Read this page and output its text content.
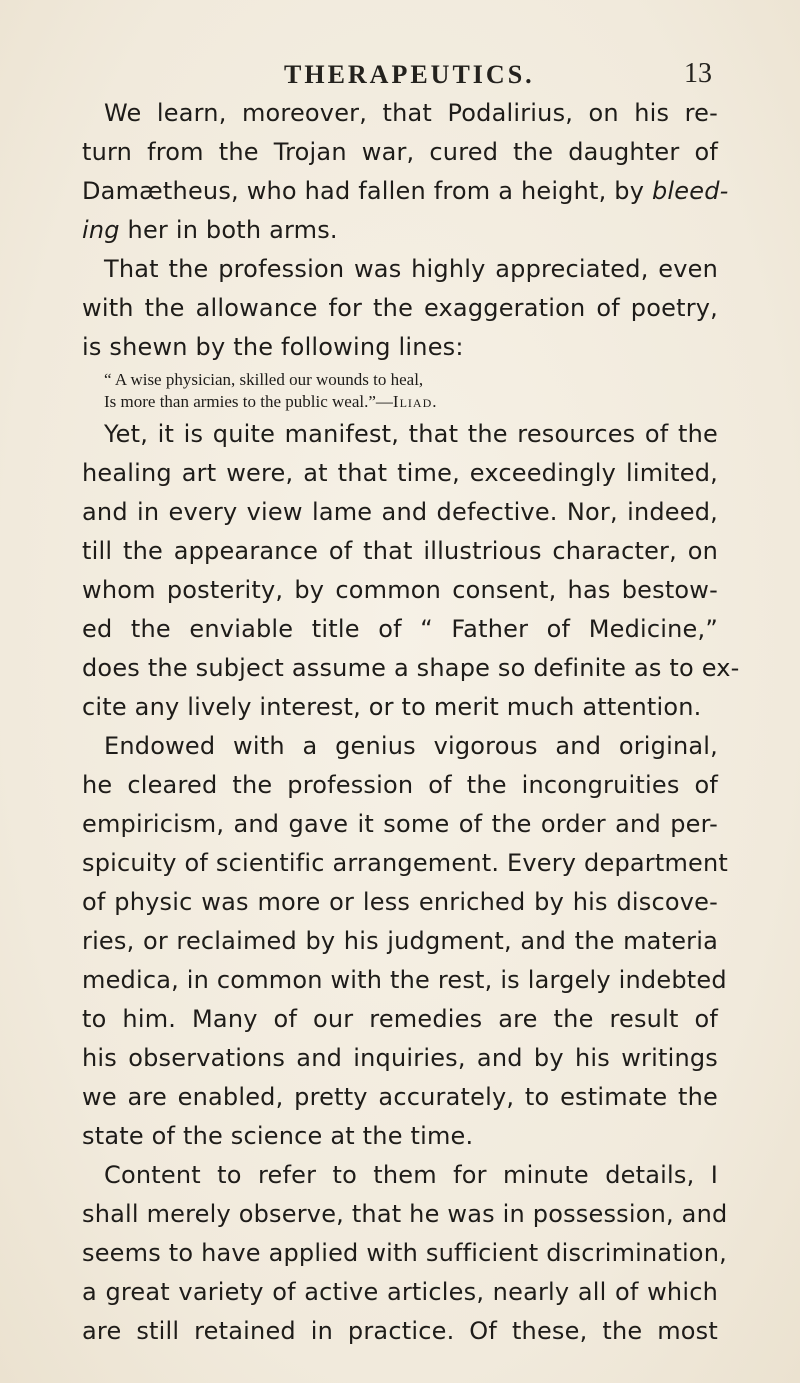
THERAPEUTICS.	13
We learn, moreover, that Podalirius, on his re-
turn from the Trojan war, cured the daughter of
Damætheus, who had fallen from a height, by bleed-
ing her in both arms.
That the profession was highly appreciated, even
with the allowance for the exaggeration of poetry,
is shewn by the following lines:
“ A wise physician, skilled our wounds to heal,
Is more than armies to the public weal.”—Iliad.
Yet, it is quite manifest, that the resources of the
healing art were, at that time, exceedingly limited,
and in every view lame and defective. Nor, indeed,
till the appearance of that illustrious character, on
whom posterity, by common consent, has bestow-
ed the enviable title of “ Father of Medicine,”
does the subject assume a shape so definite as to ex-
cite any lively interest, or to merit much attention.
Endowed with a genius vigorous and original,
he cleared the profession of the incongruities of
empiricism, and gave it some of the order and per-
spicuity of scientific arrangement. Every department
of physic was more or less enriched by his discove-
ries, or reclaimed by his judgment, and the materia
medica, in common with the rest, is largely indebted
to him. Many of our remedies are the result of
his observations and inquiries, and by his writings
we are enabled, pretty accurately, to estimate the
state of the science at the time.
Content to refer to them for minute details, I
shall merely observe, that he was in possession, and
seems to have applied with sufficient discrimination,
a great variety of active articles, nearly all of which
are still retained in practice. Of these, the most
